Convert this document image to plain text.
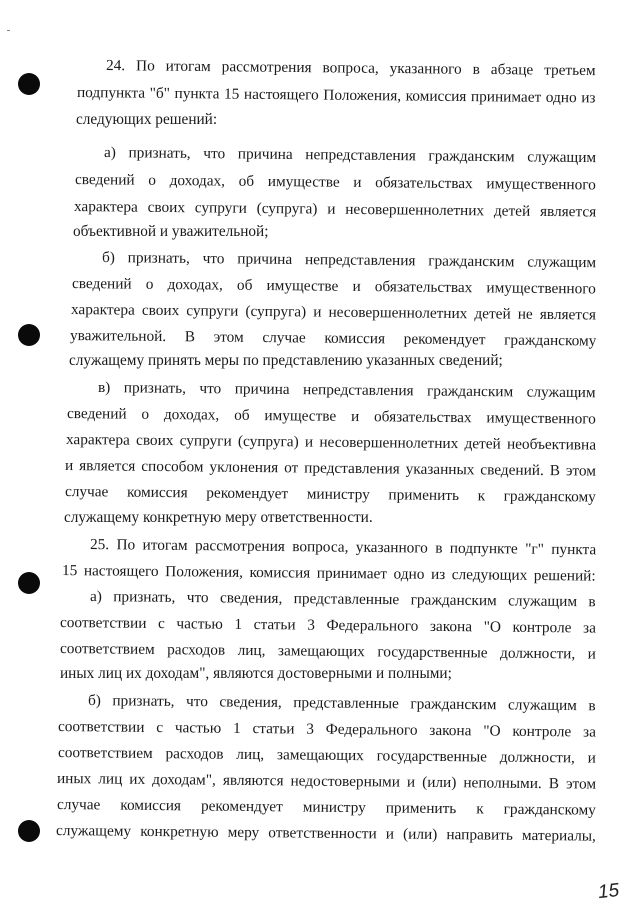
24. По итогам рассмотрения вопроса, указанного в абзаце третьем
подпункта "б" пункта 15 настоящего Положения, комиссия принимает одно из
следующих решений:
а) признать, что причина непредставления гражданским служащим
сведений о доходах, об имуществе и обязательствах имущественного
характера своих супруги (супруга) и несовершеннолетних детей является
объективной и уважительной;
б) признать, что причина непредставления гражданским служащим
сведений о доходах, об имуществе и обязательствах имущественного
характера своих супруги (супруга) и несовершеннолетних детей не является
уважительной. В этом случае комиссия рекомендует гражданскому
служащему принять меры по представлению указанных сведений;
в) признать, что причина непредставления гражданским служащим
сведений о доходах, об имуществе и обязательствах имущественного
характера своих супруги (супруга) и несовершеннолетних детей необъективна
и является способом уклонения от представления указанных сведений. В этом
случае комиссия рекомендует министру применить к гражданскому
служащему конкретную меру ответственности.
25. По итогам рассмотрения вопроса, указанного в подпункте "г" пункта
15 настоящего Положения, комиссия принимает одно из следующих решений:
а) признать, что сведения, представленные гражданским служащим в
соответствии с частью 1 статьи 3 Федерального закона "О контроле за
соответствием расходов лиц, замещающих государственные должности, и
иных лиц их доходам", являются достоверными и полными;
б) признать, что сведения, представленные гражданским служащим в
соответствии с частью 1 статьи 3 Федерального закона "О контроле за
соответствием расходов лиц, замещающих государственные должности, и
иных лиц их доходам", являются недостоверными и (или) неполными. В этом
случае комиссия рекомендует министру применить к гражданскому
служащему конкретную меру ответственности и (или) направить материалы,
15
